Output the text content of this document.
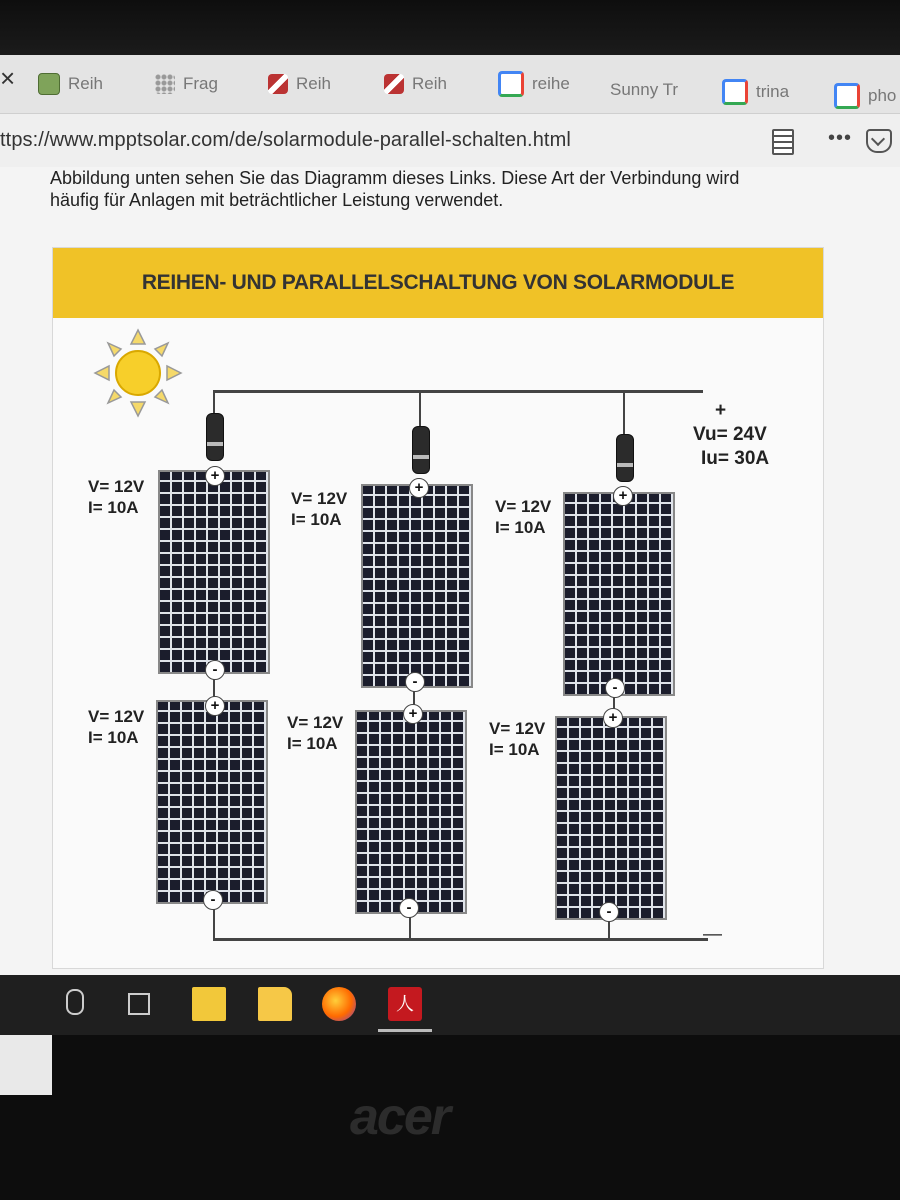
×	Reih	Frag	Reih	Reih	reihe Sunny Tr	trina	pho
ttps://www.mpptsolar.com/de/solarmodule-parallel-schalten.html	•••
Abbildung unten sehen Sie das Diagramm dieses Links. Diese Art der Verbindung wird
häufig für Anlagen mit beträchtlicher Leistung verwendet.
REIHEN- UND PARALLELSCHALTUNG VON SOLARMODULE
+
-
+
-
+
-
+
-
+
-
+
-
V= 12V
I= 10A	V= 12V
I= 10A
V= 12V
I= 10A
V= 12V
I= 10A
V= 12V
I= 10A
V= 12V
I= 10A
+
Vu= 24V
Iu= 30A
—
人
acer
